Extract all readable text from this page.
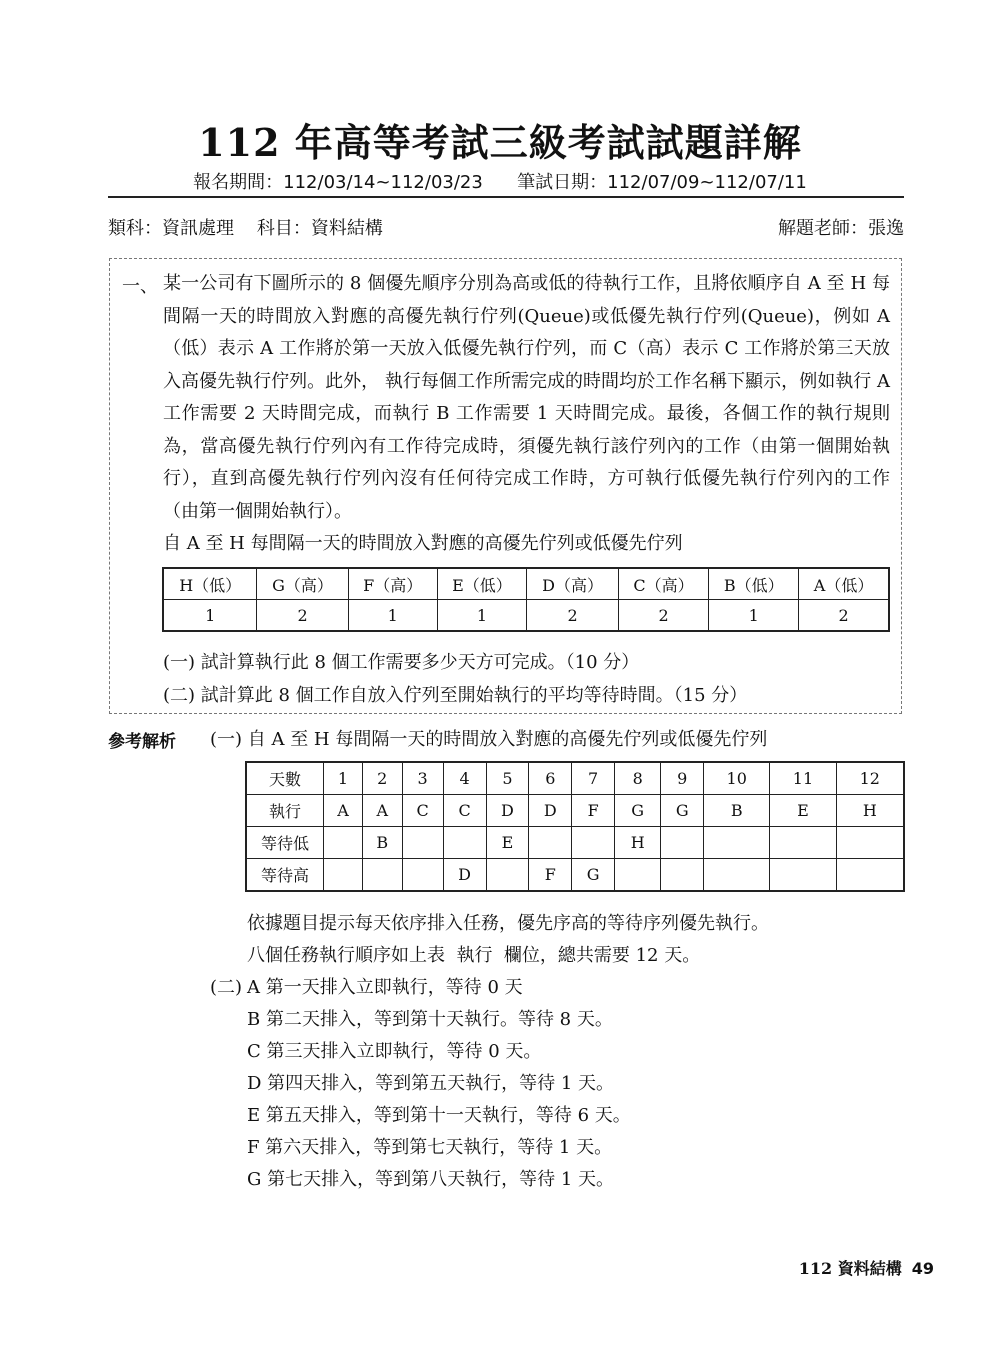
112 年高等考試三級考試試題詳解
報名期間：112/03/14~112/03/23      筆試日期：112/07/09~112/07/11
類科：資訊處理    科目：資料結構	解題老師：張逸
一、 某一公司有下圖所示的 8 個優先順序分別為高或低的待執行工作，且將依順序自 A 至 H 每間隔一天的時間放入對應的高優先執行佇列(Queue)或低優先執行佇列(Queue)，例如 A（低）表示 A 工作將於第一天放入低優先執行佇列，而 C（高）表示 C 工作將於第三天放入高優先執行佇列。此外， 執行每個工作所需完成的時間均於工作名稱下顯示，例如執行 A 工作需要 2 天時間完成，而執行 B 工作需要 1 天時間完成。最後，各個工作的執行規則為，當高優先執行佇列內有工作待完成時，須優先執行該佇列內的工作（由第一個開始執行），直到高優先執行佇列內沒有任何待完成工作時，方可執行低優先執行佇列內的工作（由第一個開始執行）。

自 A 至 H 每間隔一天的時間放入對應的高優先佇列或低優先佇列

H（低）	G（高）	F（高）	E（低）	D（高）	C（高）	B（低）	A（低）
1	2	1	1	2	2	1	2
(一) 試計算執行此 8 個工作需要多少天方可完成。（10 分）
(二) 試計算此 8 個工作自放入佇列至開始執行的平均等待時間。（15 分）
參考解析 (一) 自 A 至 H 每間隔一天的時間放入對應的高優先佇列或低優先佇列
天數	1	2	3	4	5	6	7	8	9	10	11	12
執行	A	A	C	C	D	D	F	G	G	B	E	H
等待低		B			E			H				
等待高				D		F	G					
依據題目提示每天依序排入任務，優先序高的等待序列優先執行。
八個任務執行順序如上表  執行  欄位，總共需要 12 天。
(二) A 第一天排入立即執行，等待 0 天
B 第二天排入，等到第十天執行。等待 8 天。
C 第三天排入立即執行，等待 0 天。
D 第四天排入，等到第五天執行，等待 1 天。
E 第五天排入，等到第十一天執行，等待 6 天。
F 第六天排入，等到第七天執行，等待 1 天。
G 第七天排入，等到第八天執行，等待 1 天。
112 資料結構 49
